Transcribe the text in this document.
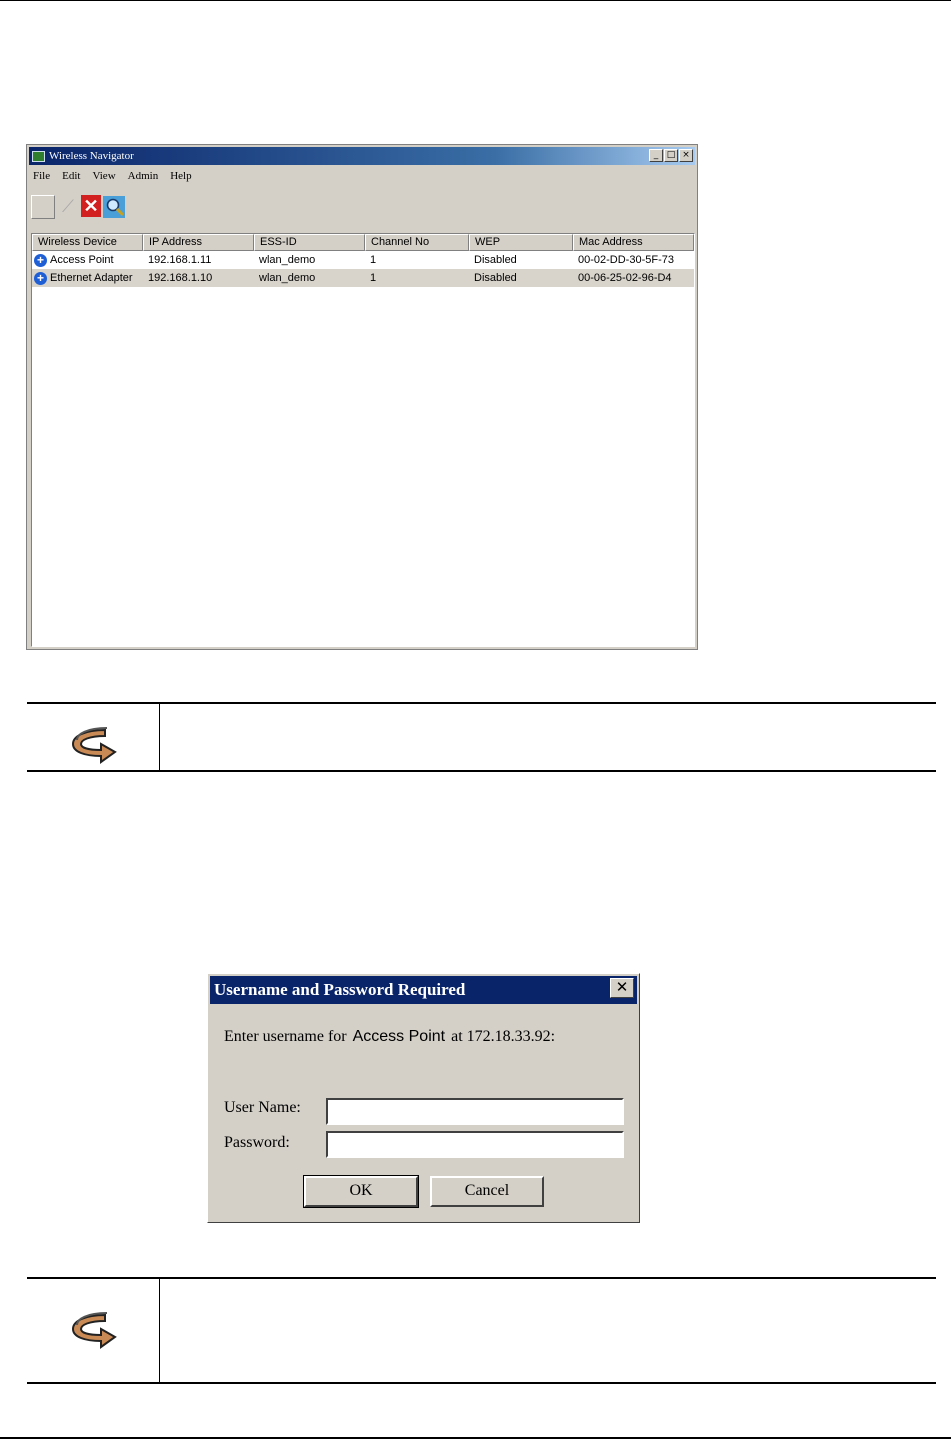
Wireless Navigator	_ □ ×
File Edit View Admin Help
⟋ ✕
Wireless Device	IP Address	ESS-ID	Channel No	WEP	Mac Address
+ Access Point	192.168.1.11	wlan_demo	1	Disabled	00-02-DD-30-5F-73
+ Ethernet Adapter	192.168.1.10	wlan_demo	1	Disabled	00-06-25-02-96-D4
Username and Password Required	✕
Enter username for Access Point at 172.18.33.92:
User Name:
Password:
OK	Cancel
